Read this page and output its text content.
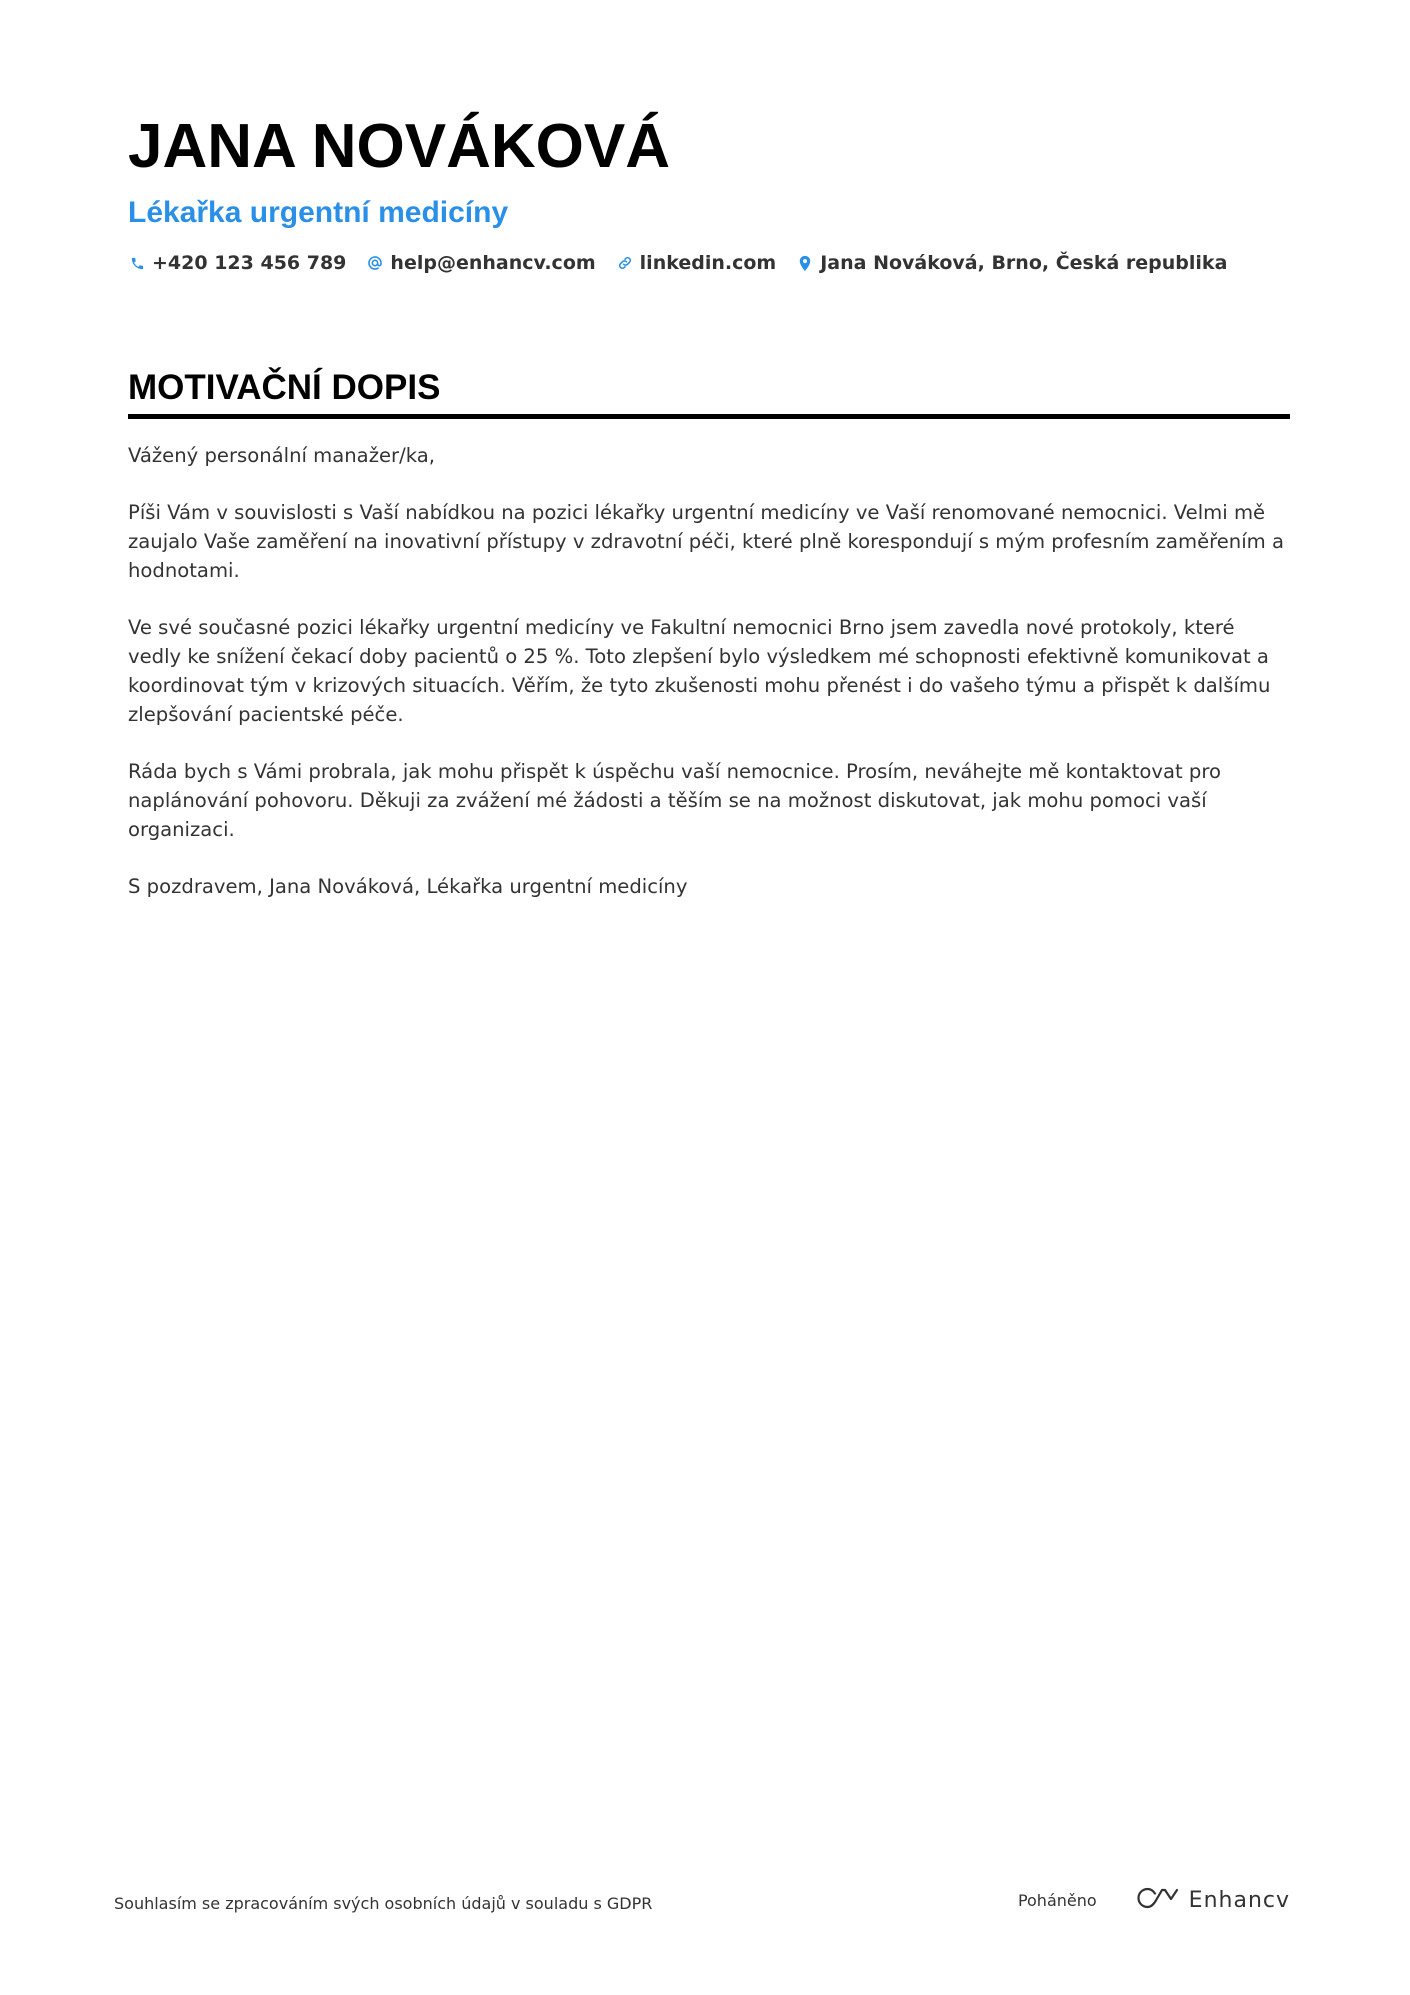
JANA NOVÁKOVÁ
Lékařka urgentní medicíny
+420 123 456 789 help@enhancv.com linkedin.com Jana Nováková, Brno, Česká republika
MOTIVAČNÍ DOPIS

Vážený personální manažer/ka,

Píši Vám v souvislosti s Vaší nabídkou na pozici lékařky urgentní medicíny ve Vaší renomované nemocnici. Velmi mě zaujalo Vaše zaměření na inovativní přístupy v zdravotní péči, které plně korespondují s mým profesním zaměřením a hodnotami.

Ve své současné pozici lékařky urgentní medicíny ve Fakultní nemocnici Brno jsem zavedla nové protokoly, které vedly ke snížení čekací doby pacientů o 25 %. Toto zlepšení bylo výsledkem mé schopnosti efektivně komunikovat a koordinovat tým v krizových situacích. Věřím, že tyto zkušenosti mohu přenést i do vašeho týmu a přispět k dalšímu zlepšování pacientské péče.

Ráda bych s Vámi probrala, jak mohu přispět k úspěchu vaší nemocnice. Prosím, neváhejte mě kontaktovat pro naplánování pohovoru. Děkuji za zvážení mé žádosti a těším se na možnost diskutovat, jak mohu pomoci vaší organizaci.

S pozdravem, Jana Nováková, Lékařka urgentní medicíny

Souhlasím se zpracováním svých osobních údajů v souladu s GDPR	Poháněno	Enhancv
